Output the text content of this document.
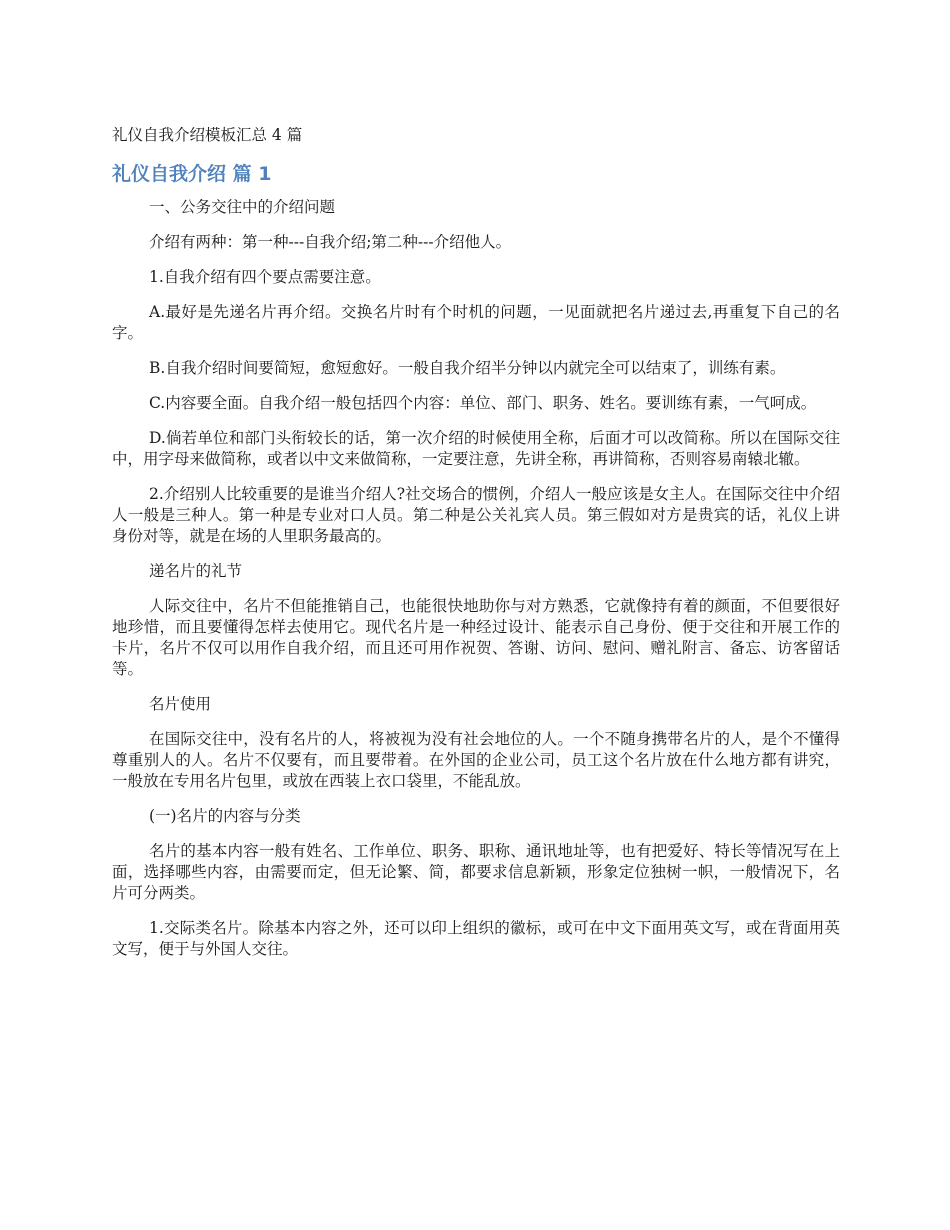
礼仪自我介绍模板汇总 4 篇
礼仪自我介绍 篇 1

一、公务交往中的介绍问题

介绍有两种：第一种---自我介绍;第二种---介绍他人。

1.自我介绍有四个要点需要注意。

A.最好是先递名片再介绍。交换名片时有个时机的问题，一见面就把名片递过去,再重复下自己的名字。

B.自我介绍时间要简短，愈短愈好。一般自我介绍半分钟以内就完全可以结束了，训练有素。

C.内容要全面。自我介绍一般包括四个内容：单位、部门、职务、姓名。要训练有素，一气呵成。

D.倘若单位和部门头衔较长的话，第一次介绍的时候使用全称，后面才可以改简称。所以在国际交往中，用字母来做简称，或者以中文来做简称，一定要注意，先讲全称，再讲简称，否则容易南辕北辙。

2.介绍别人比较重要的是谁当介绍人?社交场合的惯例，介绍人一般应该是女主人。在国际交往中介绍人一般是三种人。第一种是专业对口人员。第二种是公关礼宾人员。第三假如对方是贵宾的话，礼仪上讲身份对等，就是在场的人里职务最高的。

递名片的礼节

人际交往中，名片不但能推销自己，也能很快地助你与对方熟悉，它就像持有着的颜面，不但要很好地珍惜，而且要懂得怎样去使用它。现代名片是一种经过设计、能表示自己身份、便于交往和开展工作的卡片，名片不仅可以用作自我介绍，而且还可用作祝贺、答谢、访问、慰问、赠礼附言、备忘、访客留话等。

名片使用

在国际交往中，没有名片的人，将被视为没有社会地位的人。一个不随身携带名片的人，是个不懂得尊重别人的人。名片不仅要有，而且要带着。在外国的企业公司，员工这个名片放在什么地方都有讲究，一般放在专用名片包里，或放在西装上衣口袋里，不能乱放。

(一)名片的内容与分类

名片的基本内容一般有姓名、工作单位、职务、职称、通讯地址等，也有把爱好、特长等情况写在上面，选择哪些内容，由需要而定，但无论繁、简，都要求信息新颖，形象定位独树一帜，一般情况下，名片可分两类。

1.交际类名片。除基本内容之外，还可以印上组织的徽标，或可在中文下面用英文写，或在背面用英文写，便于与外国人交往。
